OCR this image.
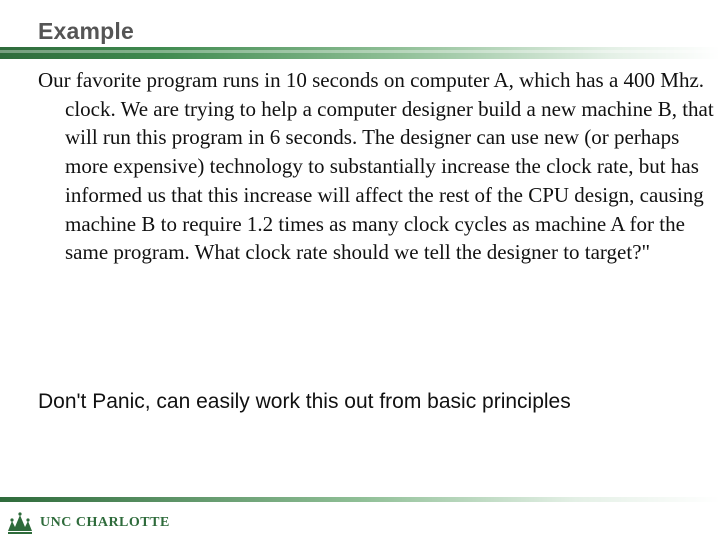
Example

Our favorite program runs in 10 seconds on computer A, which has a 400 Mhz. clock. We are trying to help a computer designer build a new machine B, that will run this program in 6 seconds. The designer can use new (or perhaps more expensive) technology to substantially increase the clock rate, but has informed us that this increase will affect the rest of the CPU design, causing machine B to require 1.2 times as many clock cycles as machine A for the same program. What clock rate should we tell the designer to target?"

Don't Panic, can easily work this out from basic principles

UNC CHARLOTTE
